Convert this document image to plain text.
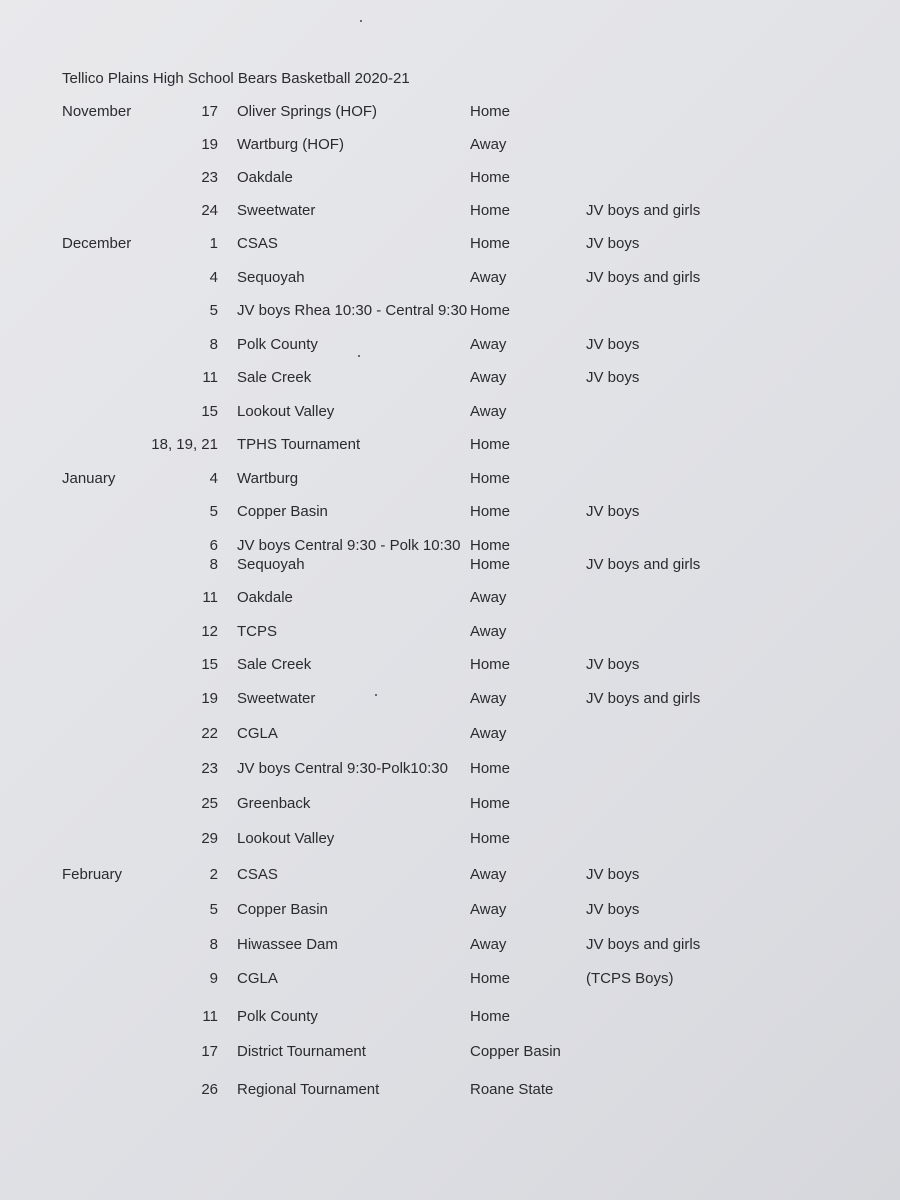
Tellico Plains High School Bears Basketball 2020-21
November	17 Oliver Springs (HOF)	Home
19 Wartburg (HOF)	Away
23 Oakdale	Home
24 Sweetwater	Home	JV boys and girls
December	1 CSAS	Home	JV boys
4 Sequoyah	Away	JV boys and girls
5 JV boys Rhea 10:30 - Central 9:30 Home
8 Polk County	Away	JV boys
11 Sale Creek	Away	JV boys
15 Lookout Valley	Away
18, 19, 21 TPHS Tournament	Home
January	4 Wartburg	Home
5 Copper Basin	Home	JV boys
6 JV boys Central 9:30 - Polk 10:30 Home
8 Sequoyah	Home	JV boys and girls
11 Oakdale	Away
12 TCPS	Away
15 Sale Creek	Home	JV boys
19 Sweetwater	Away	JV boys and girls
22 CGLA	Away
23 JV boys Central 9:30-Polk10:30 Home
25 Greenback	Home
29 Lookout Valley	Home
February	2 CSAS	Away	JV boys
5 Copper Basin	Away	JV boys
8 Hiwassee Dam	Away	JV boys and girls
9 CGLA	Home	(TCPS Boys)
11 Polk County	Home
17 District Tournament	Copper Basin
26 Regional Tournament	Roane State
